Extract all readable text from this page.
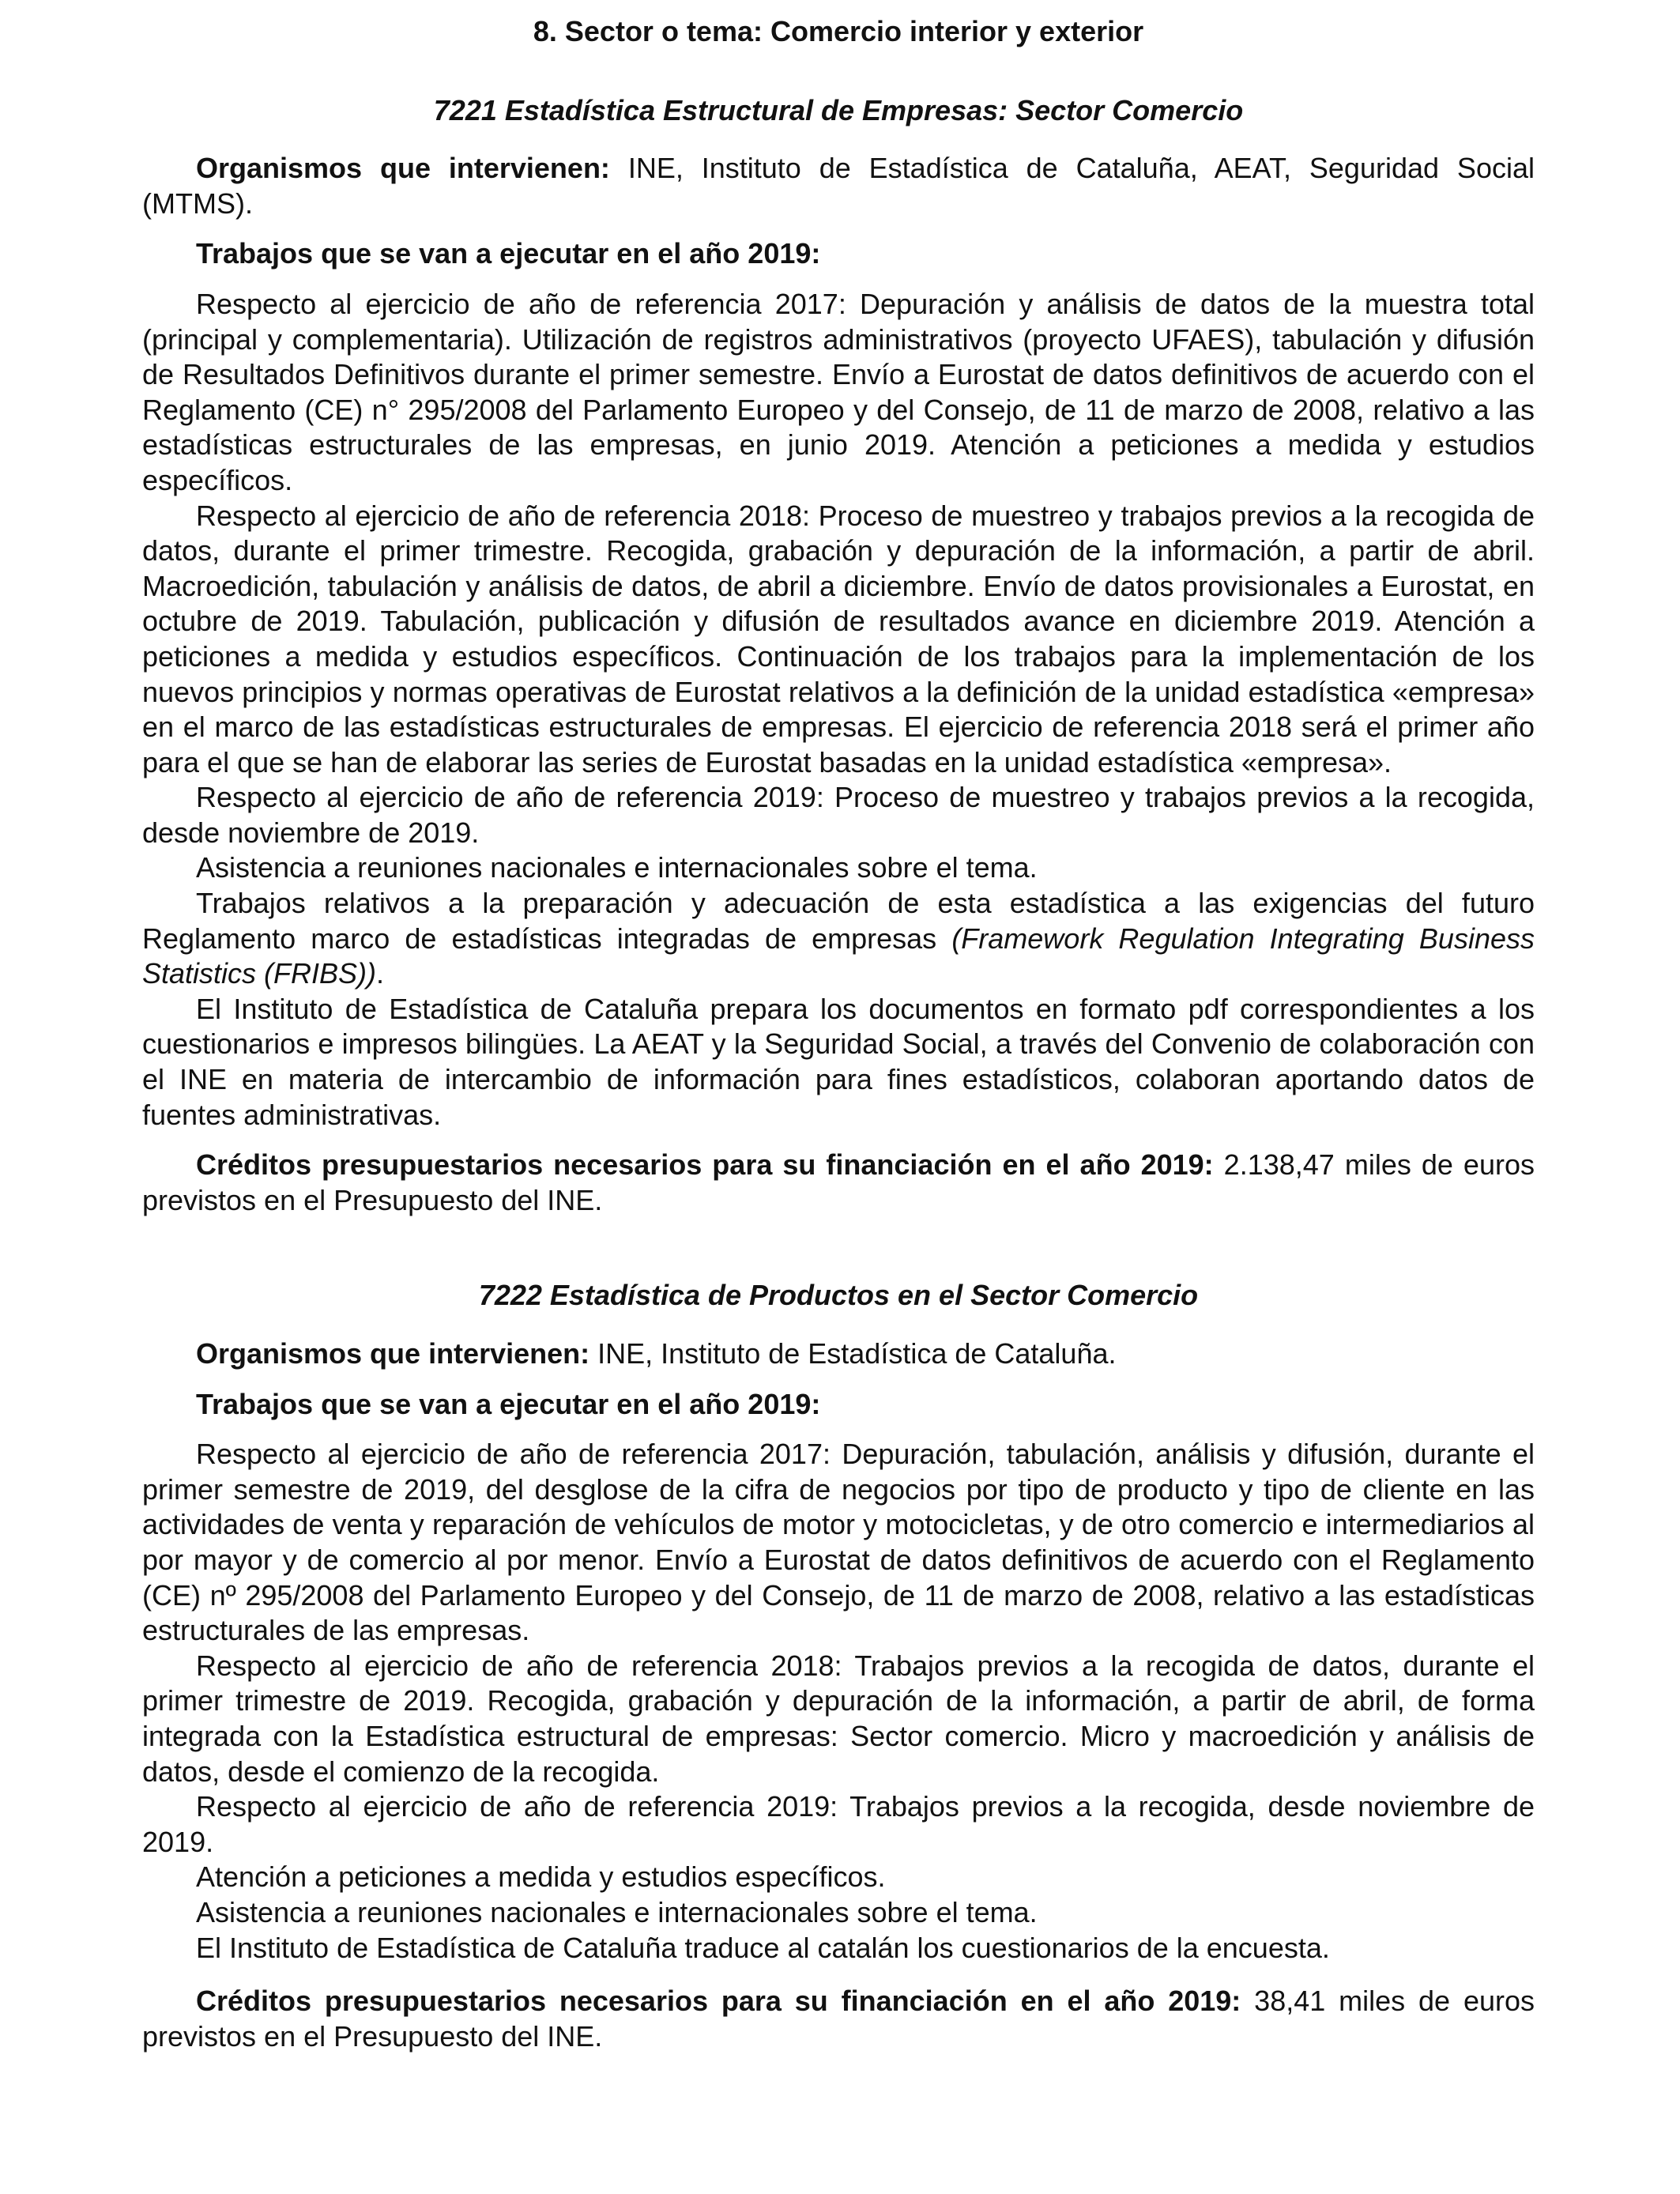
8. Sector o tema: Comercio interior y exterior
7221 Estadística Estructural de Empresas: Sector Comercio

Organismos que intervienen: INE, Instituto de Estadística de Cataluña, AEAT, Seguridad Social (MTMS).

Trabajos que se van a ejecutar en el año 2019:

Respecto al ejercicio de año de referencia 2017: Depuración y análisis de datos de la muestra total (principal y complementaria). Utilización de registros administrativos (proyecto UFAES), tabulación y difusión de Resultados Definitivos durante el primer semestre. Envío a Eurostat de datos definitivos de acuerdo con el Reglamento (CE) n° 295/2008 del Parlamento Europeo y del Consejo, de 11 de marzo de 2008, relativo a las estadísticas estructurales de las empresas, en junio 2019. Atención a peticiones a medida y estudios específicos.

Respecto al ejercicio de año de referencia 2018: Proceso de muestreo y trabajos previos a la recogida de datos, durante el primer trimestre. Recogida, grabación y depuración de la información, a partir de abril. Macroedición, tabulación y análisis de datos, de abril a diciembre. Envío de datos provisionales a Eurostat, en octubre de 2019. Tabulación, publicación y difusión de resultados avance en diciembre 2019. Atención a peticiones a medida y estudios específicos. Continuación de los trabajos para la implementación de los nuevos principios y normas operativas de Eurostat relativos a la definición de la unidad estadística «empresa» en el marco de las estadísticas estructurales de empresas. El ejercicio de referencia 2018 será el primer año para el que se han de elaborar las series de Eurostat basadas en la unidad estadística «empresa».

Respecto al ejercicio de año de referencia 2019: Proceso de muestreo y trabajos previos a la recogida, desde noviembre de 2019.

Asistencia a reuniones nacionales e internacionales sobre el tema.

Trabajos relativos a la preparación y adecuación de esta estadística a las exigencias del futuro Reglamento marco de estadísticas integradas de empresas (Framework Regulation Integrating Business Statistics (FRIBS)).

El Instituto de Estadística de Cataluña prepara los documentos en formato pdf correspondientes a los cuestionarios e impresos bilingües. La AEAT y la Seguridad Social, a través del Convenio de colaboración con el INE en materia de intercambio de información para fines estadísticos, colaboran aportando datos de fuentes administrativas.

Créditos presupuestarios necesarios para su financiación en el año 2019: 2.138,47 miles de euros previstos en el Presupuesto del INE.

7222 Estadística de Productos en el Sector Comercio

Organismos que intervienen: INE, Instituto de Estadística de Cataluña.

Trabajos que se van a ejecutar en el año 2019:

Respecto al ejercicio de año de referencia 2017: Depuración, tabulación, análisis y difusión, durante el primer semestre de 2019, del desglose de la cifra de negocios por tipo de producto y tipo de cliente en las actividades de venta y reparación de vehículos de motor y motocicletas, y de otro comercio e intermediarios al por mayor y de comercio al por menor. Envío a Eurostat de datos definitivos de acuerdo con el Reglamento (CE) nº 295/2008 del Parlamento Europeo y del Consejo, de 11 de marzo de 2008, relativo a las estadísticas estructurales de las empresas.

Respecto al ejercicio de año de referencia 2018: Trabajos previos a la recogida de datos, durante el primer trimestre de 2019. Recogida, grabación y depuración de la información, a partir de abril, de forma integrada con la Estadística estructural de empresas: Sector comercio. Micro y macroedición y análisis de datos, desde el comienzo de la recogida.

Respecto al ejercicio de año de referencia 2019: Trabajos previos a la recogida, desde noviembre de 2019.

Atención a peticiones a medida y estudios específicos.

Asistencia a reuniones nacionales e internacionales sobre el tema.

El Instituto de Estadística de Cataluña traduce al catalán los cuestionarios de la encuesta.

Créditos presupuestarios necesarios para su financiación en el año 2019: 38,41 miles de euros previstos en el Presupuesto del INE.
